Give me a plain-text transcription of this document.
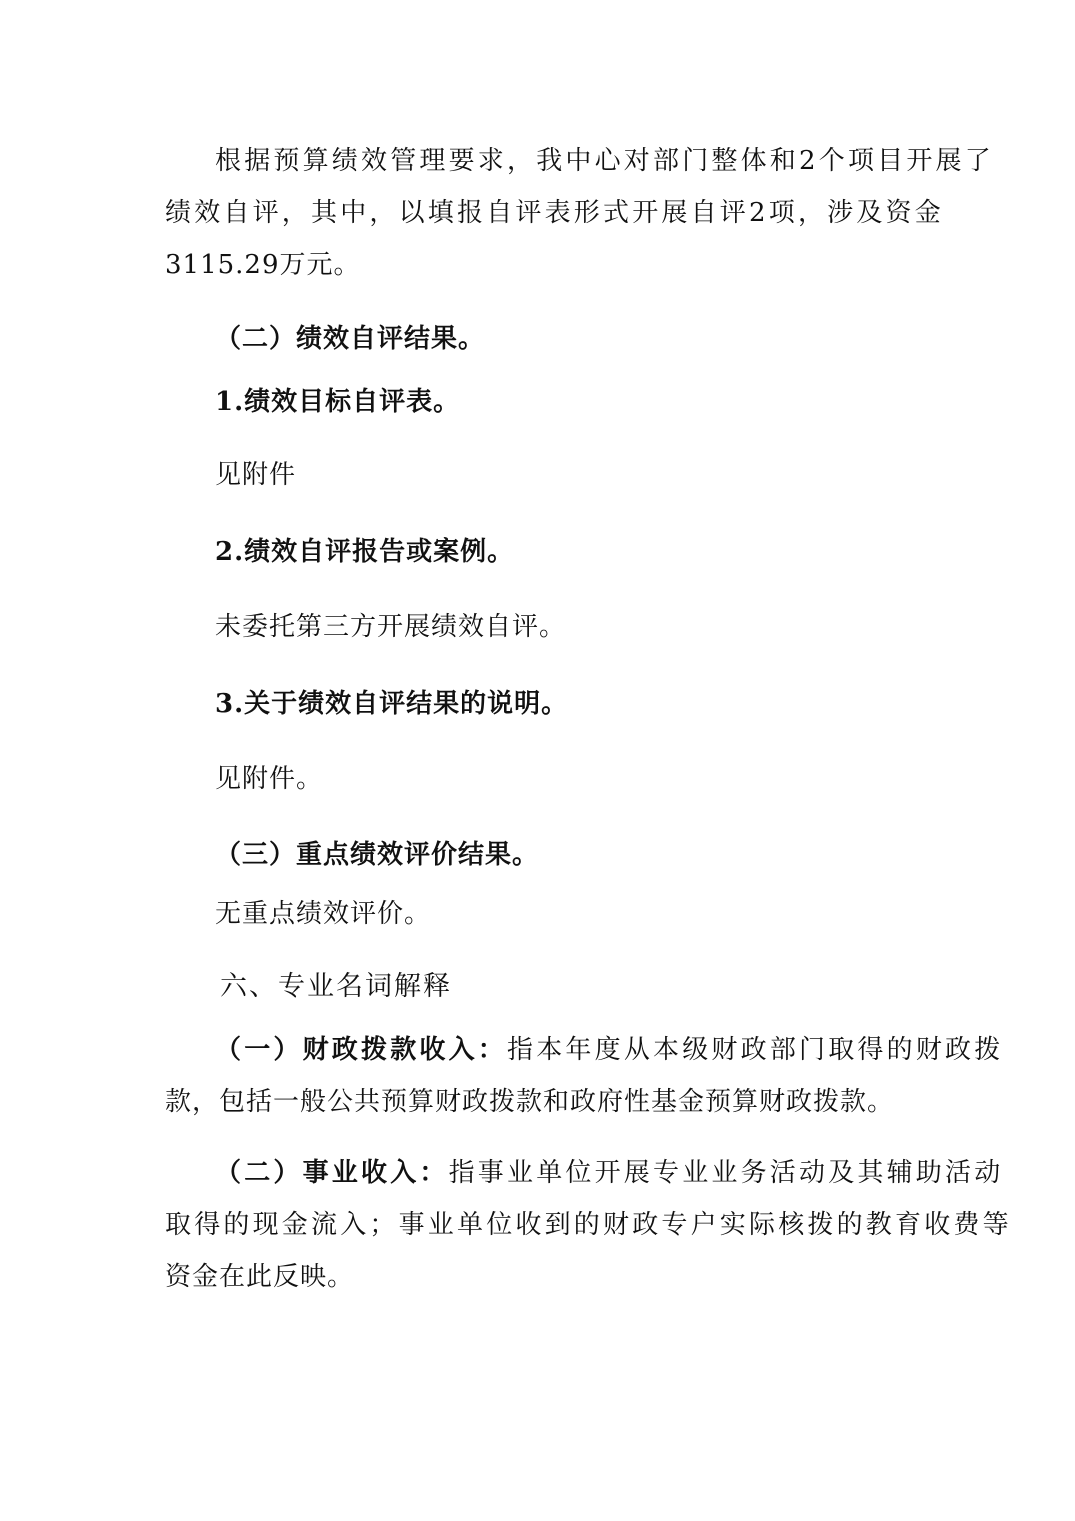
根据预算绩效管理要求，我中心对部门整体和2个项目开展了
绩效自评，其中，以填报自评表形式开展自评2项，涉及资金
3115.29万元。
（二）绩效自评结果。
1.绩效目标自评表。
见附件
2.绩效自评报告或案例。
未委托第三方开展绩效自评。
3.关于绩效自评结果的说明。
见附件。
（三）重点绩效评价结果。
无重点绩效评价。
六、专业名词解释
（一）财政拨款收入：指本年度从本级财政部门取得的财政拨
款，包括一般公共预算财政拨款和政府性基金预算财政拨款。
（二）事业收入：指事业单位开展专业业务活动及其辅助活动
取得的现金流入；事业单位收到的财政专户实际核拨的教育收费等
资金在此反映。
